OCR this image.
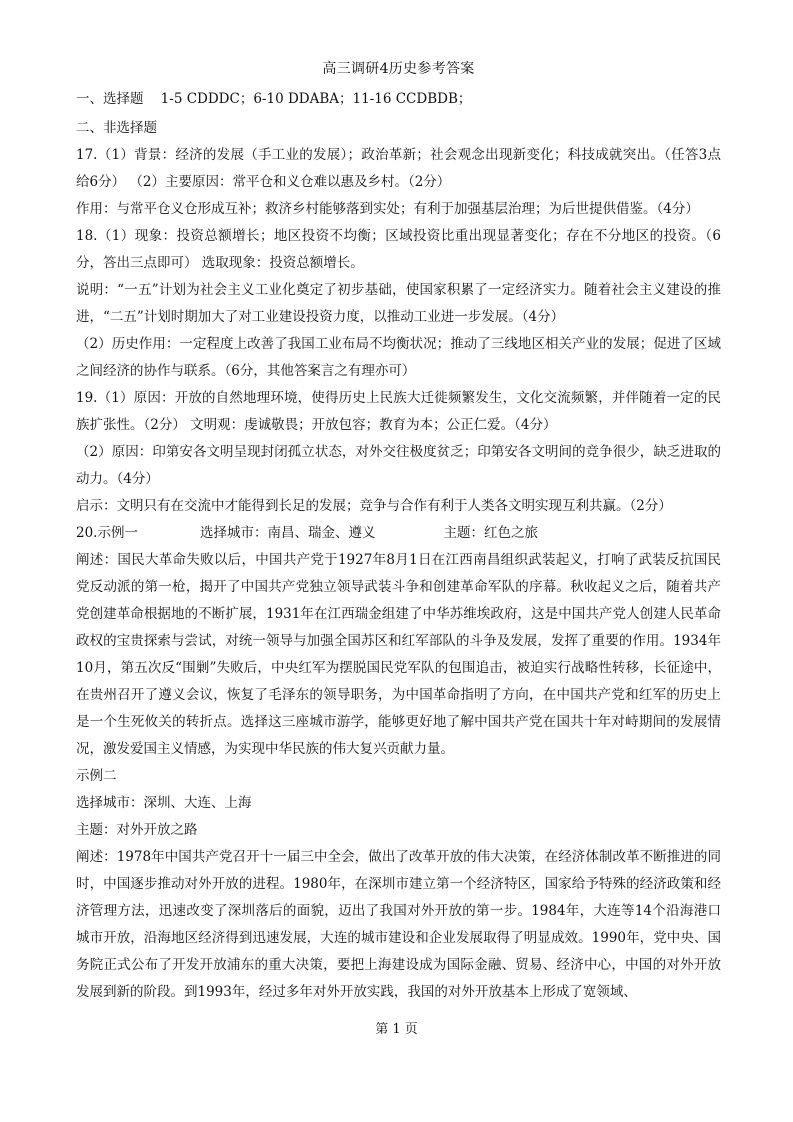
高三调研4历史参考答案
一、选择题    1-5 CDDDC；6-10 DDABA；11-16 CCDBDB；
二、非选择题

17.（1）背景：经济的发展（手工业的发展）；政治革新；社会观念出现新变化；科技成就突出。（任答3点给6分） （2）主要原因：常平仓和义仓难以惠及乡村。（2分）

作用：与常平仓义仓形成互补；救济乡村能够落到实处；有利于加强基层治理；为后世提供借鉴。（4分）

18.（1）现象：投资总额增长；地区投资不均衡；区域投资比重出现显著变化；存在不分地区的投资。（6分，答出三点即可） 选取现象：投资总额增长。

说明：“一五”计划为社会主义工业化奠定了初步基础，使国家积累了一定经济实力。随着社会主义建设的推进，“二五”计划时期加大了对工业建设投资力度，以推动工业进一步发展。（4分）

（2）历史作用：一定程度上改善了我国工业布局不均衡状况；推动了三线地区相关产业的发展；促进了区域之间经济的协作与联系。（6分，其他答案言之有理亦可）

19.（1）原因：开放的自然地理环境，使得历史上民族大迁徙频繁发生，文化交流频繁，并伴随着一定的民族扩张性。（2分） 文明观：虔诚敬畏；开放包容；教育为本；公正仁爱。（4分）

（2）原因：印第安各文明呈现封闭孤立状态，对外交往极度贫乏；印第安各文明间的竞争很少，缺乏进取的动力。（4分）

启示：文明只有在交流中才能得到长足的发展；竞争与合作有利于人类各文明实现互利共赢。（2分）

20.示例一	选择城市：南昌、瑞金、遵义	主题：红色之旅

阐述：国民大革命失败以后，中国共产党于1927年8月1日在江西南昌组织武装起义，打响了武装反抗国民党反动派的第一枪，揭开了中国共产党独立领导武装斗争和创建革命军队的序幕。秋收起义之后，随着共产党创建革命根据地的不断扩展，1931年在江西瑞金组建了中华苏维埃政府，这是中国共产党人创建人民革命政权的宝贵探索与尝试，对统一领导与加强全国苏区和红军部队的斗争及发展，发挥了重要的作用。1934年10月，第五次反“围剿”失败后，中央红军为摆脱国民党军队的包围追击，被迫实行战略性转移，长征途中，在贵州召开了遵义会议，恢复了毛泽东的领导职务，为中国革命指明了方向，在中国共产党和红军的历史上是一个生死攸关的转折点。选择这三座城市游学，能够更好地了解中国共产党在国共十年对峙期间的发展情况，激发爱国主义情感，为实现中华民族的伟大复兴贡献力量。

示例二
选择城市：深圳、大连、上海
主题：对外开放之路

阐述：1978年中国共产党召开十一届三中全会，做出了改革开放的伟大决策，在经济体制改革不断推进的同时，中国逐步推动对外开放的进程。1980年，在深圳市建立第一个经济特区，国家给予特殊的经济政策和经济管理方法，迅速改变了深圳落后的面貌，迈出了我国对外开放的第一步。1984年，大连等14个沿海港口城市开放，沿海地区经济得到迅速发展，大连的城市建设和企业发展取得了明显成效。1990年，党中央、国务院正式公布了开发开放浦东的重大决策，要把上海建设成为国际金融、贸易、经济中心，中国的对外开放发展到新的阶段。到1993年，经过多年对外开放实践，我国的对外开放基本上形成了宽领域、

第 1 页
